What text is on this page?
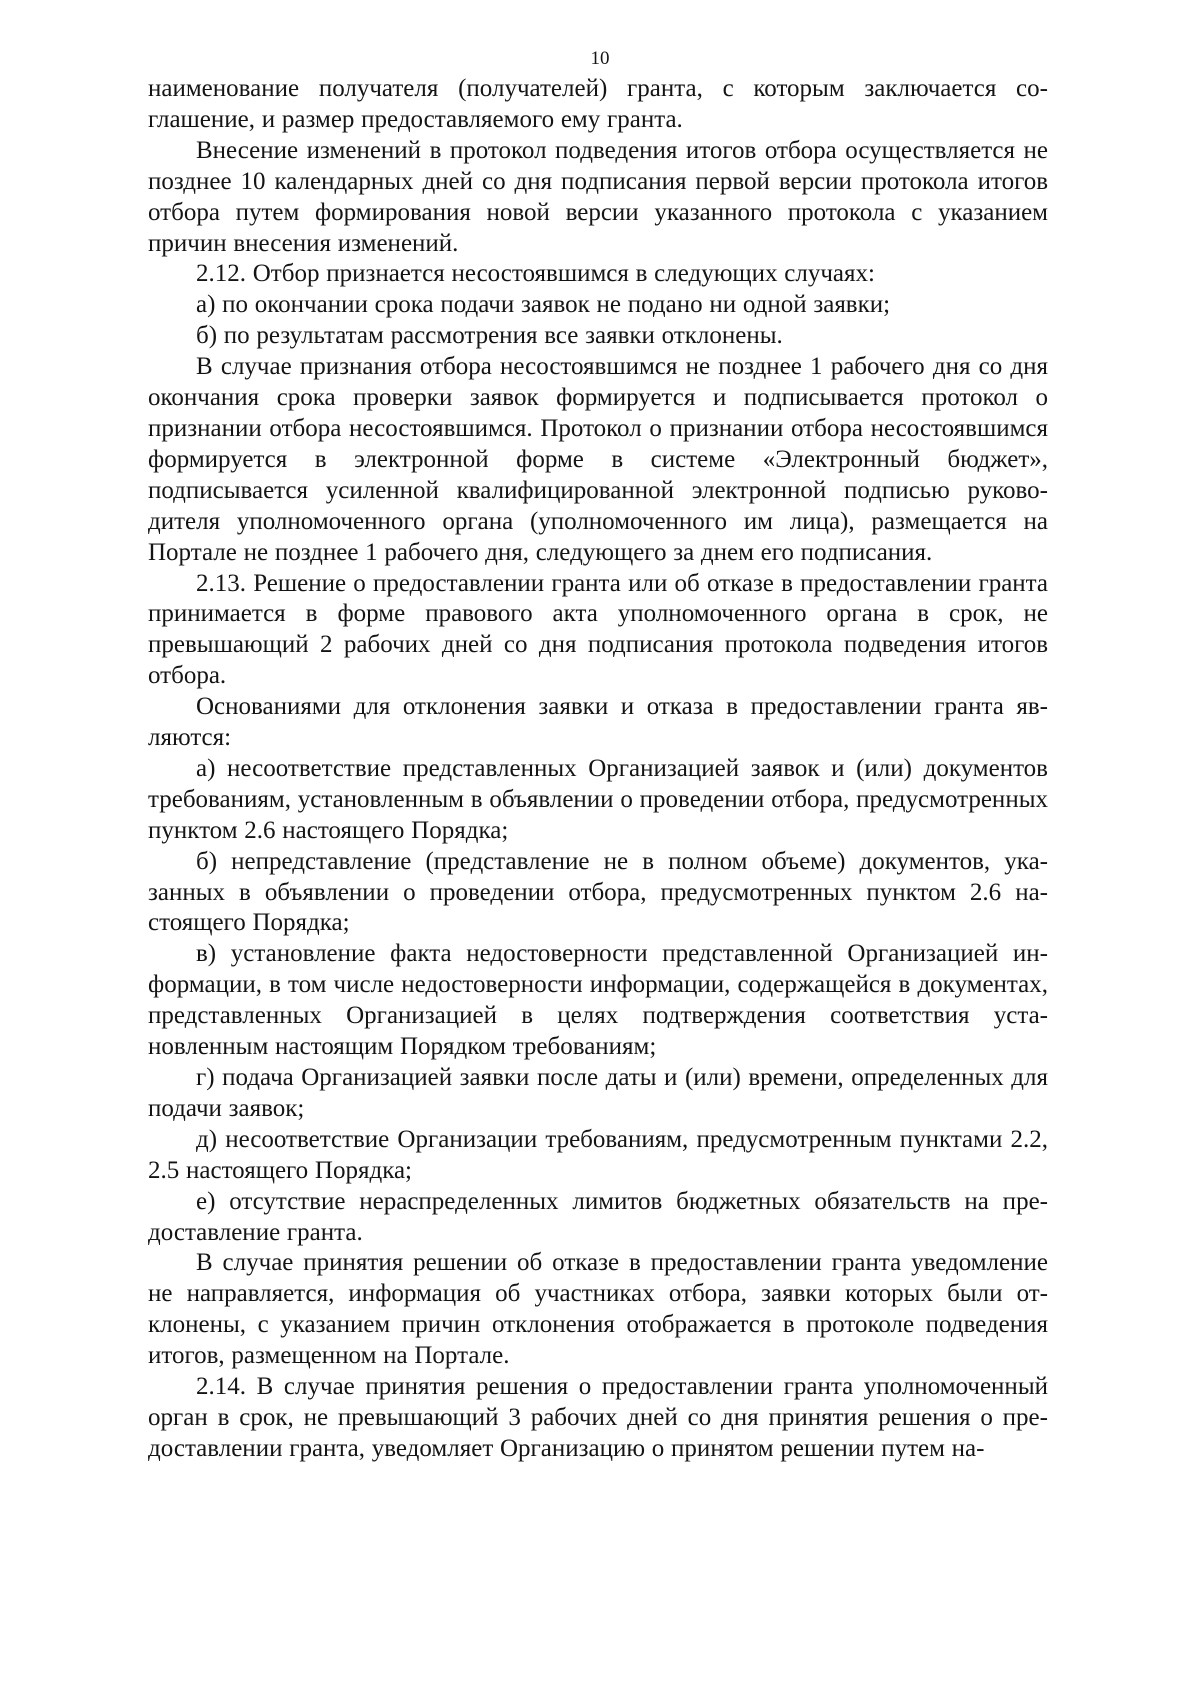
10

наименование получателя (получателей) гранта, с которым заключается соглашение, и размер предоставляемого ему гранта.

Внесение изменений в протокол подведения итогов отбора осуществляется не позднее 10 календарных дней со дня подписания первой версии протокола итогов отбора путем формирования новой версии указанного протокола с указанием причин внесения изменений.

2.12. Отбор признается несостоявшимся в следующих случаях:

а) по окончании срока подачи заявок не подано ни одной заявки;

б) по результатам рассмотрения все заявки отклонены.

В случае признания отбора несостоявшимся не позднее 1 рабочего дня со дня окончания срока проверки заявок формируется и подписывается протокол о признании отбора несостоявшимся. Протокол о признании отбора несостоявшимся формируется в электронной форме в системе «Электронный бюджет», подписывается усиленной квалифицированной электронной подписью руководителя уполномоченного органа (уполномоченного им лица), размещается на Портале не позднее 1 рабочего дня, следующего за днем его подписания.

2.13. Решение о предоставлении гранта или об отказе в предоставлении гранта принимается в форме правового акта уполномоченного органа в срок, не превышающий 2 рабочих дней со дня подписания протокола подведения итогов отбора.

Основаниями для отклонения заявки и отказа в предоставлении гранта являются:

а) несоответствие представленных Организацией заявок и (или) документов требованиям, установленным в объявлении о проведении отбора, предусмотренных пунктом 2.6 настоящего Порядка;

б) непредставление (представление не в полном объеме) документов, указанных в объявлении о проведении отбора, предусмотренных пунктом 2.6 настоящего Порядка;

в) установление факта недостоверности представленной Организацией информации, в том числе недостоверности информации, содержащейся в документах, представленных Организацией в целях подтверждения соответствия установленным настоящим Порядком требованиям;

г) подача Организацией заявки после даты и (или) времени, определенных для подачи заявок;

д) несоответствие Организации требованиям, предусмотренным пунктами 2.2, 2.5 настоящего Порядка;

е) отсутствие нераспределенных лимитов бюджетных обязательств на предоставление гранта.

В случае принятия решении об отказе в предоставлении гранта уведомление не направляется, информация об участниках отбора, заявки которых были отклонены, с указанием причин отклонения отображается в протоколе подведения итогов, размещенном на Портале.

2.14. В случае принятия решения о предоставлении гранта уполномоченный орган в срок, не превышающий 3 рабочих дней со дня принятия решения о предоставлении гранта, уведомляет Организацию о принятом решении путем на-
